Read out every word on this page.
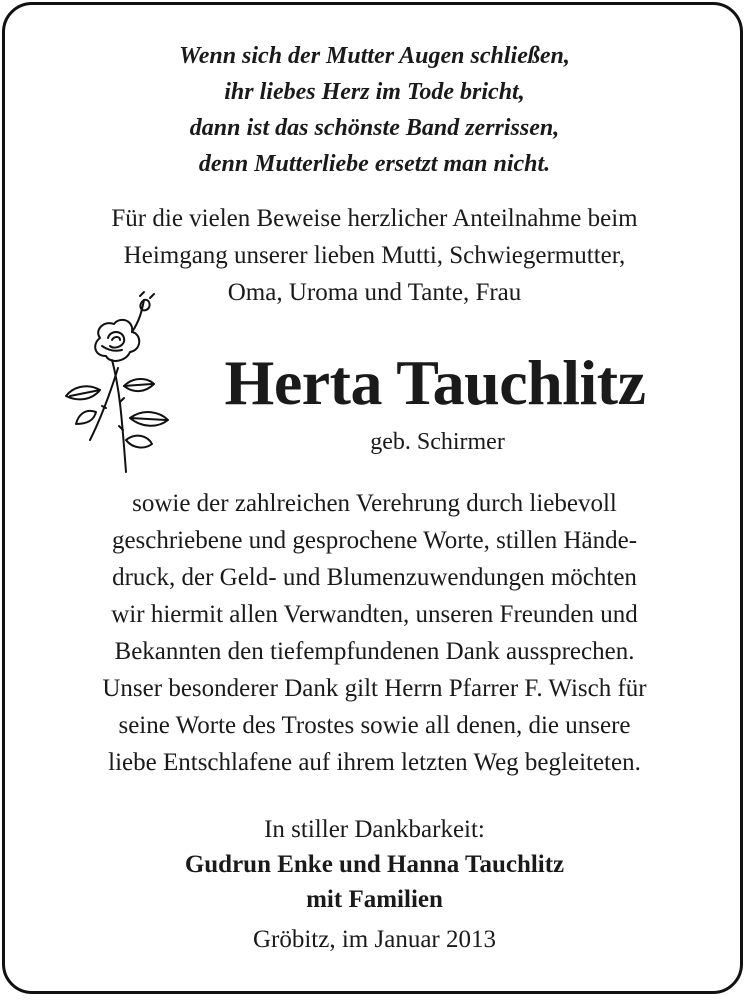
Wenn sich der Mutter Augen schließen,
ihr liebes Herz im Tode bricht,
dann ist das schönste Band zerrissen,
denn Mutterliebe ersetzt man nicht.
Für die vielen Beweise herzlicher Anteilnahme beim
Heimgang unserer lieben Mutti, Schwiegermutter,
Oma, Uroma und Tante, Frau
Herta Tauchlitz
geb. Schirmer
sowie der zahlreichen Verehrung durch liebevoll
geschriebene und gesprochene Worte, stillen Hände-
druck, der Geld- und Blumenzuwendungen möchten
wir hiermit allen Verwandten, unseren Freunden und
Bekannten den tiefempfundenen Dank aussprechen.
Unser besonderer Dank gilt Herrn Pfarrer F. Wisch für
seine Worte des Trostes sowie all denen, die unsere
liebe Entschlafene auf ihrem letzten Weg begleiteten.
In stiller Dankbarkeit:
Gudrun Enke und Hanna Tauchlitz
mit Familien
Gröbitz, im Januar 2013
